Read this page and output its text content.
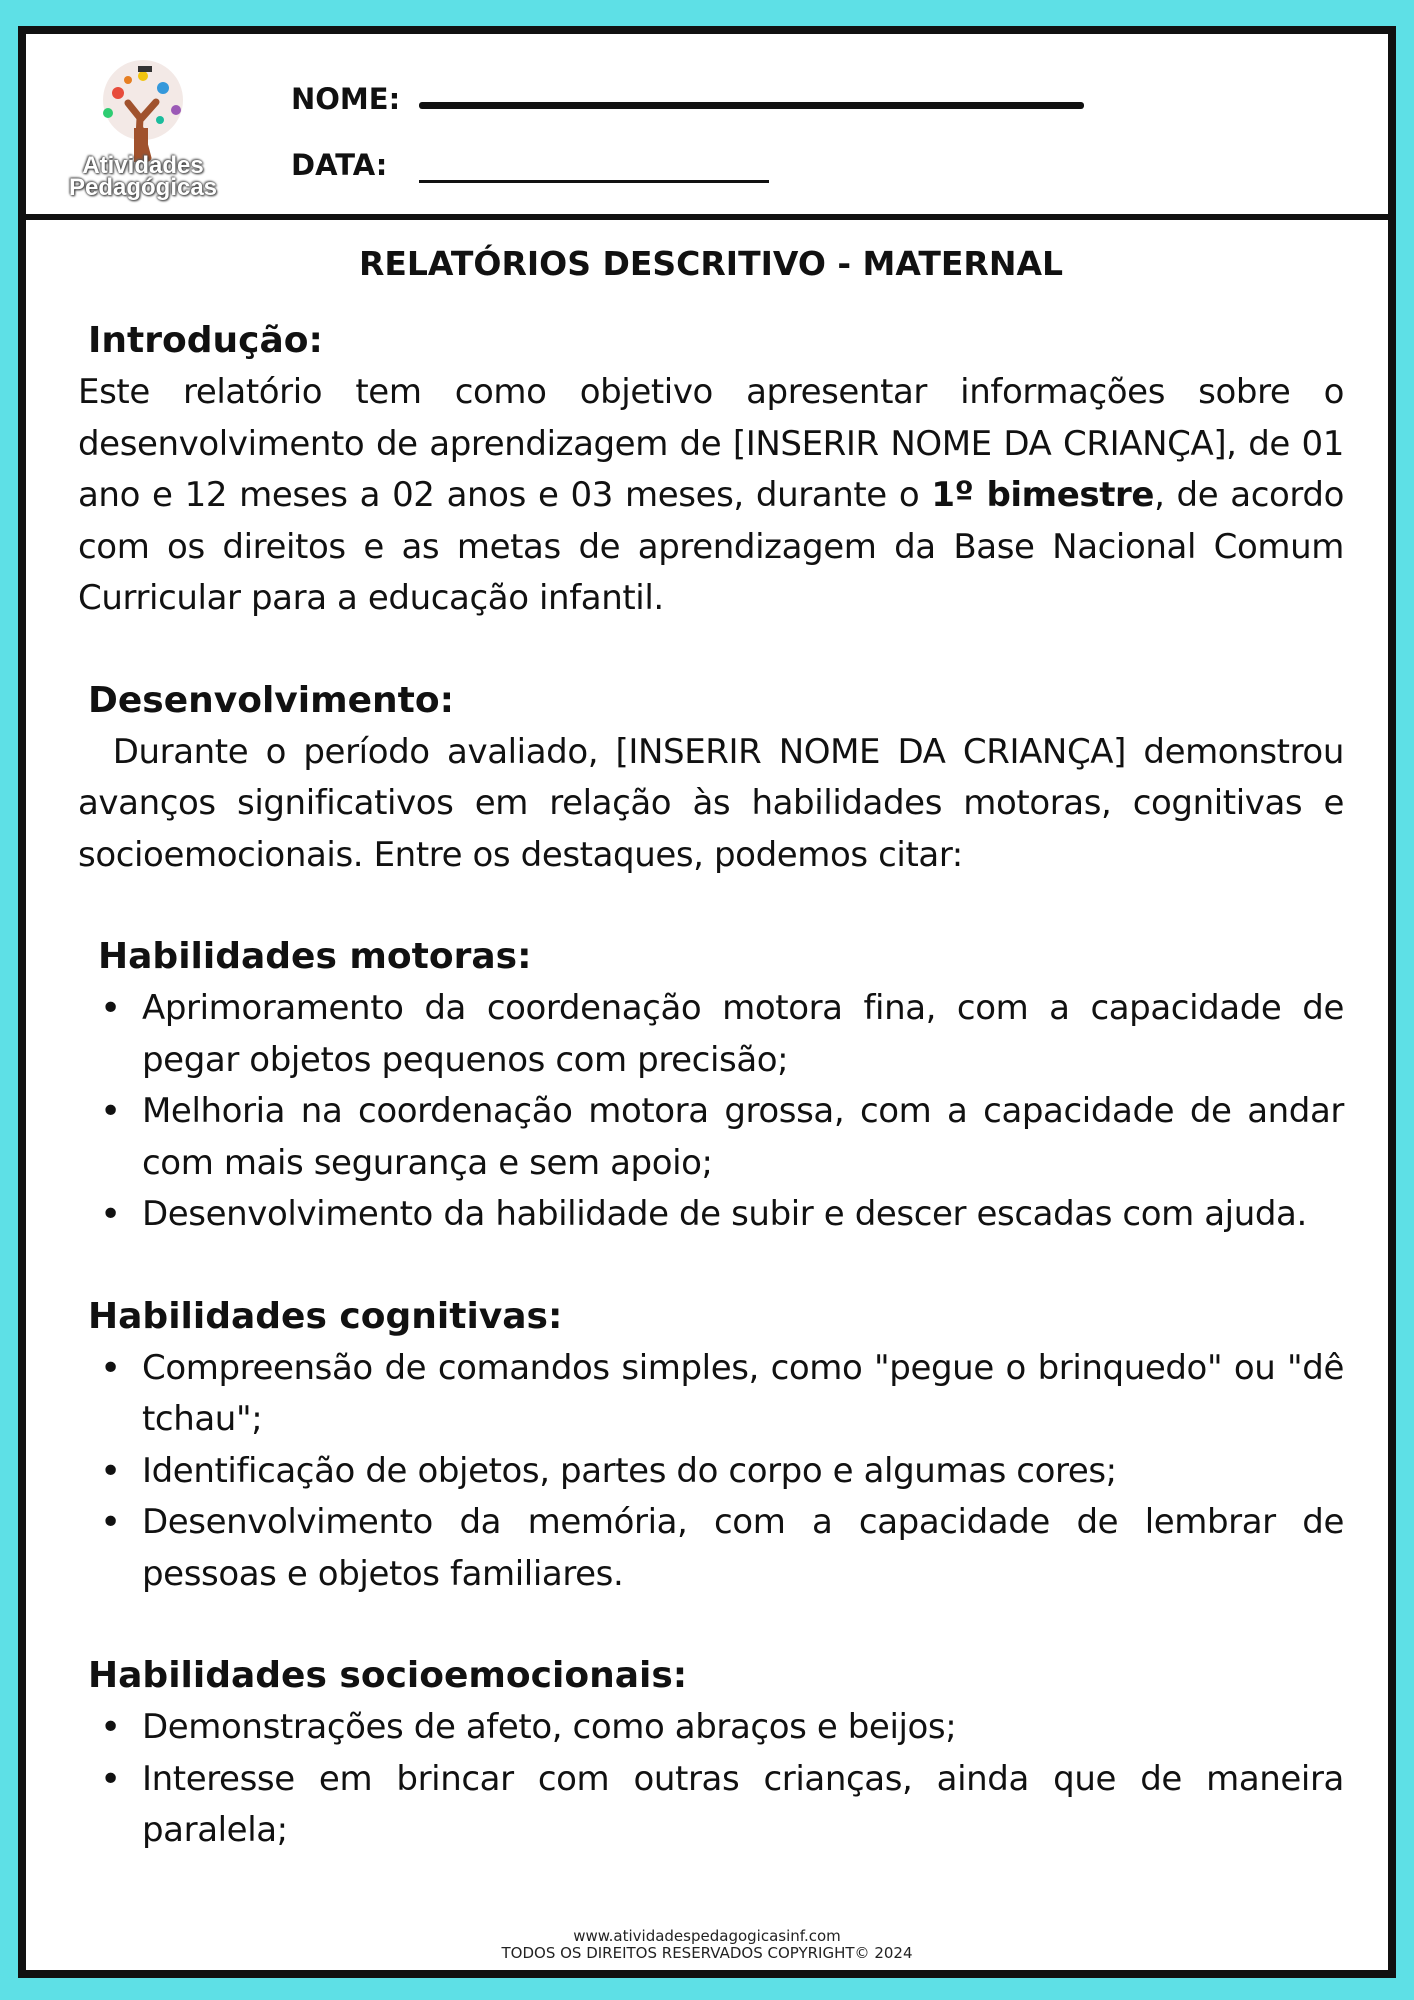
Atividades
Pedagógicas
NOME:
DATA:
RELATÓRIOS DESCRITIVO - MATERNAL

Introdução:

Este relatório tem como objetivo apresentar informações sobre o desenvolvimento de aprendizagem de [INSERIR NOME DA CRIANÇA], de 01 ano e 12 meses a 02 anos e 03 meses, durante o 1º bimestre, de acordo com os direitos e as metas de aprendizagem da Base Nacional Comum Curricular para a educação infantil.

Desenvolvimento:

Durante o período avaliado, [INSERIR NOME DA CRIANÇA] demonstrou avanços significativos em relação às habilidades motoras, cognitivas e socioemocionais. Entre os destaques, podemos citar:

Habilidades motoras:

• Aprimoramento da coordenação motora fina, com a capacidade de pegar objetos pequenos com precisão;
• Melhoria na coordenação motora grossa, com a capacidade de andar com mais segurança e sem apoio;
• Desenvolvimento da habilidade de subir e descer escadas com ajuda.

Habilidades cognitivas:

• Compreensão de comandos simples, como "pegue o brinquedo" ou "dê tchau";
• Identificação de objetos, partes do corpo e algumas cores;
• Desenvolvimento da memória, com a capacidade de lembrar de pessoas e objetos familiares.

Habilidades socioemocionais:

• Demonstrações de afeto, como abraços e beijos;
• Interesse em brincar com outras crianças, ainda que de maneira paralela;
www.atividadespedagogicasinf.com
TODOS OS DIREITOS RESERVADOS COPYRIGHT© 2024
